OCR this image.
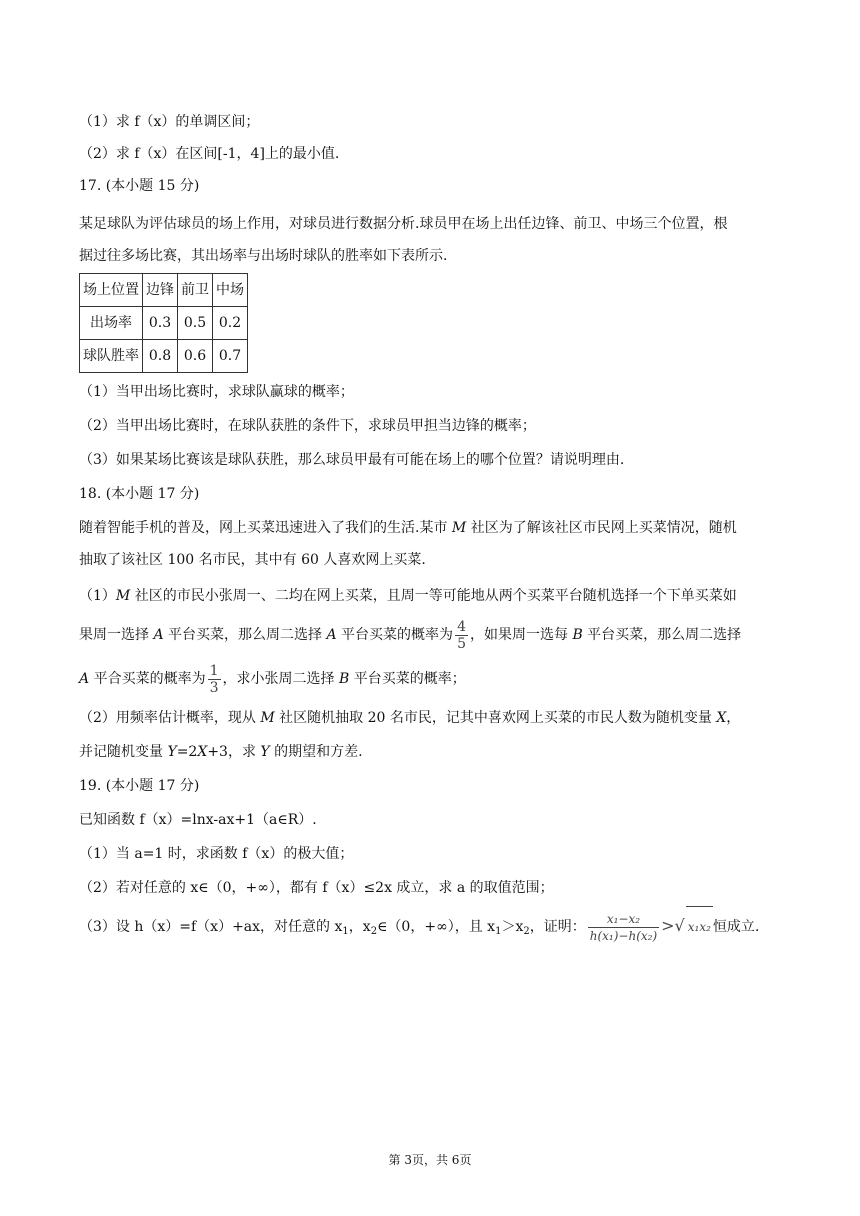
（1）求 f（x）的单调区间；
（2）求 f（x）在区间[-1，4]上的最小值.
17. (本小题 15 分)
某足球队为评估球员的场上作用，对球员进行数据分析.球员甲在场上出任边锋、前卫、中场三个位置，根
据过往多场比赛，其出场率与出场时球队的胜率如下表所示.
场上位置	边锋	前卫	中场
出场率	0.3	0.5	0.2
球队胜率	0.8	0.6	0.7
（1）当甲出场比赛时，求球队赢球的概率；
（2）当甲出场比赛时，在球队获胜的条件下，求球员甲担当边锋的概率；
（3）如果某场比赛该是球队获胜，那么球员甲最有可能在场上的哪个位置？请说明理由.
18. (本小题 17 分)
随着智能手机的普及，网上买菜迅速进入了我们的生活.某市 M 社区为了解该社区市民网上买菜情况，随机
抽取了该社区 100 名市民，其中有 60 人喜欢网上买菜.
（1）M 社区的市民小张周一、二均在网上买菜，且周一等可能地从两个买菜平台随机选择一个下单买菜如
果周一选择 A 平台买菜，那么周二选择 A 平台买菜的概率为 $\frac{4}{5}$ ，如果周一选每 B 平台买菜，那么周二选择
A 平合买菜的概率为 $\frac{1}{3}$ ，求小张周二选择 B 平台买菜的概率；
（2）用频率估计概率，现从 M 社区随机抽取 20 名市民，记其中喜欢网上买菜的市民人数为随机变量 X，
并记随机变量 Y=2X+3，求 Y 的期望和方差.
19. (本小题 17 分)
已知函数 f（x）=lnx-ax+1（a∈R）.
（1）当 a=1 时，求函数 f（x）的极大值；
（2）若对任意的 x∈（0，+∞），都有 f（x）≤2x 成立，求 a 的取值范围；
（3）设 h（x）=f（x）+ax，对任意的 $x_1$，$x_2\in(0$，+∞），且 $x_1>x_2$，证明： $\frac{\text{x₁−x₂}}{\text{h(x₁)−h(x₂)}}$ >√ x₁x₂ 恒成立.
第 3页，共 6页
